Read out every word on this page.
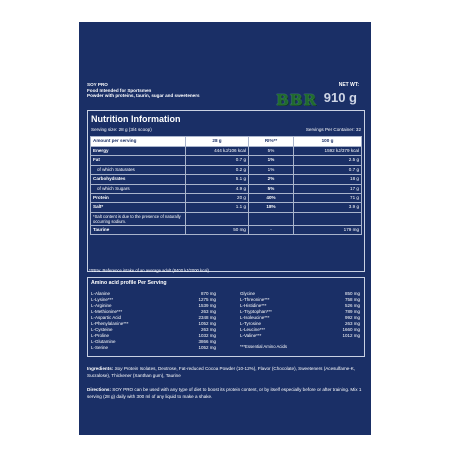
SOY PRO
Food Intended for Sportsmen
Powder with proteins, taurin, sugar and sweeteners
NET WT:
910 g
BBR
Nutrition Information
Serving size: 28 g (3/4 scoop)	Servings Per Container: 32
Amount per serving	28 g	RI%**	100 g
Energy	444 kJ/106 kcal	5%	1592 kJ/379 kcal
Fat	0.7 g	1%	2.5 g
of which Saturates	0.2 g	1%	0.7 g
Carbohydrates	5.1 g	2%	18 g
of which Sugars	4.9 g	5%	17 g
Protein	20 g	40%	71 g
Salt*	1.1 g	18%	3.9 g
*Salt content is due to the presence of naturally occurring sodium.			
Taurine	50 mg	-	179 mg
**RI%: Reference intake of an average adult (8400 kJ/2000 kcal).
Amino acid profile Per Serving
L-Alanine	870 mg
L-Lysine***	1275 mg
L-Arginine	1539 mg
L-Methionine***	263 mg
L-Aspartic Acid	2348 mg
L-Phenylalanine***	1052 mg
L-Cysteine	263 mg
L-Proline	1032 mg
L-Glutamine	3866 mg
L-Serine	1052 mg
Glycine	850 mg
L-Threonine***	758 mg
L-Histidine***	526 mg
L-Tryptophan***	789 mg
L-Isoleucine***	992 mg
L-Tyrosine	263 mg
L-Leucine***	1660 mg
L-Valine***	1012 mg
***Essential Amino Acids
Ingredients: Soy Protein Isolates, Dextrose, Fat-reduced Cocoa Powder (10-12%), Flavor (Chocolate), Sweeteners (Acesulfame-K, Sucralose), Thickener (Xanthan gum), Taurine
Directions: SOY PRO can be used with any type of diet to boost its protein content, or by itself especially before or after training. Mix 1 serving (28 g) daily with 300 ml of any liquid to make a shake.
